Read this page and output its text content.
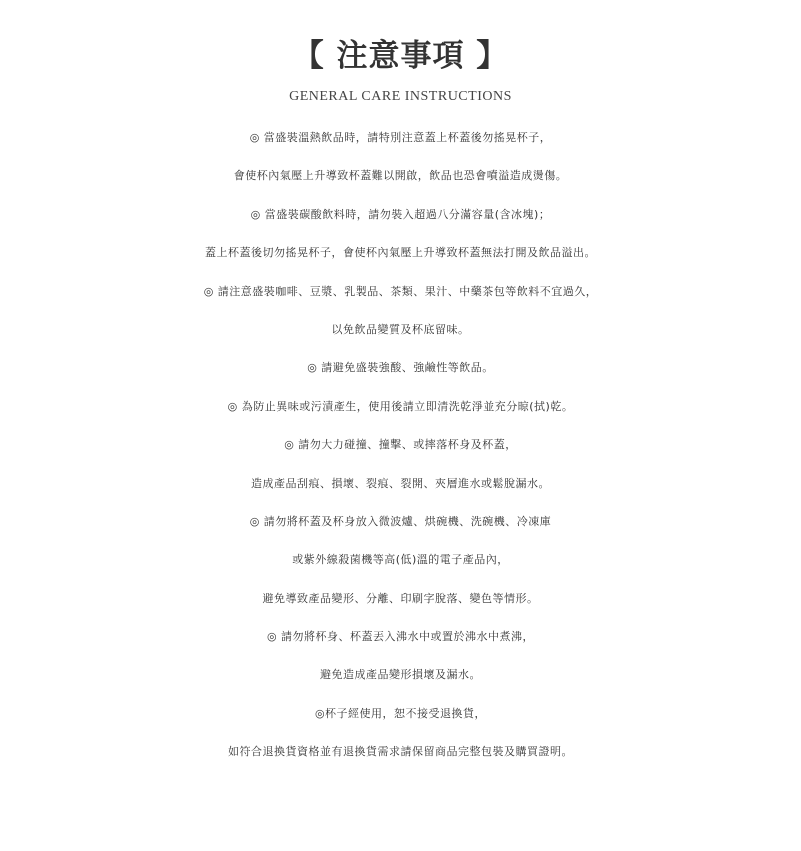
【 注意事項 】
GENERAL CARE INSTRUCTIONS
◎ 當盛裝溫熱飲品時，請特別注意蓋上杯蓋後勿搖晃杯子，
會使杯內氣壓上升導致杯蓋難以開啟，飲品也恐會噴溢造成燙傷。
◎ 當盛裝碳酸飲料時，請勿裝入超過八分滿容量(含冰塊)；
蓋上杯蓋後切勿搖晃杯子，會使杯內氣壓上升導致杯蓋無法打開及飲品溢出。
◎ 請注意盛裝咖啡、豆漿、乳製品、茶類、果汁、中藥茶包等飲料不宜過久，
以免飲品變質及杯底留味。
◎ 請避免盛裝強酸、強鹼性等飲品。
◎ 為防止異味或污漬產生，使用後請立即清洗乾淨並充分晾(拭)乾。
◎ 請勿大力碰撞、撞擊、或摔落杯身及杯蓋，
造成產品刮痕、損壞、裂痕、裂開、夾層進水或鬆脫漏水。
◎ 請勿將杯蓋及杯身放入微波爐、烘碗機、洗碗機、冷凍庫
或紫外線殺菌機等高(低)溫的電子產品內，
避免導致產品變形、分離、印刷字脫落、變色等情形。
◎ 請勿將杯身、杯蓋丟入沸水中或置於沸水中煮沸，
避免造成產品變形損壞及漏水。
◎杯子經使用，恕不接受退換貨，
如符合退換貨資格並有退換貨需求請保留商品完整包裝及購買證明。
